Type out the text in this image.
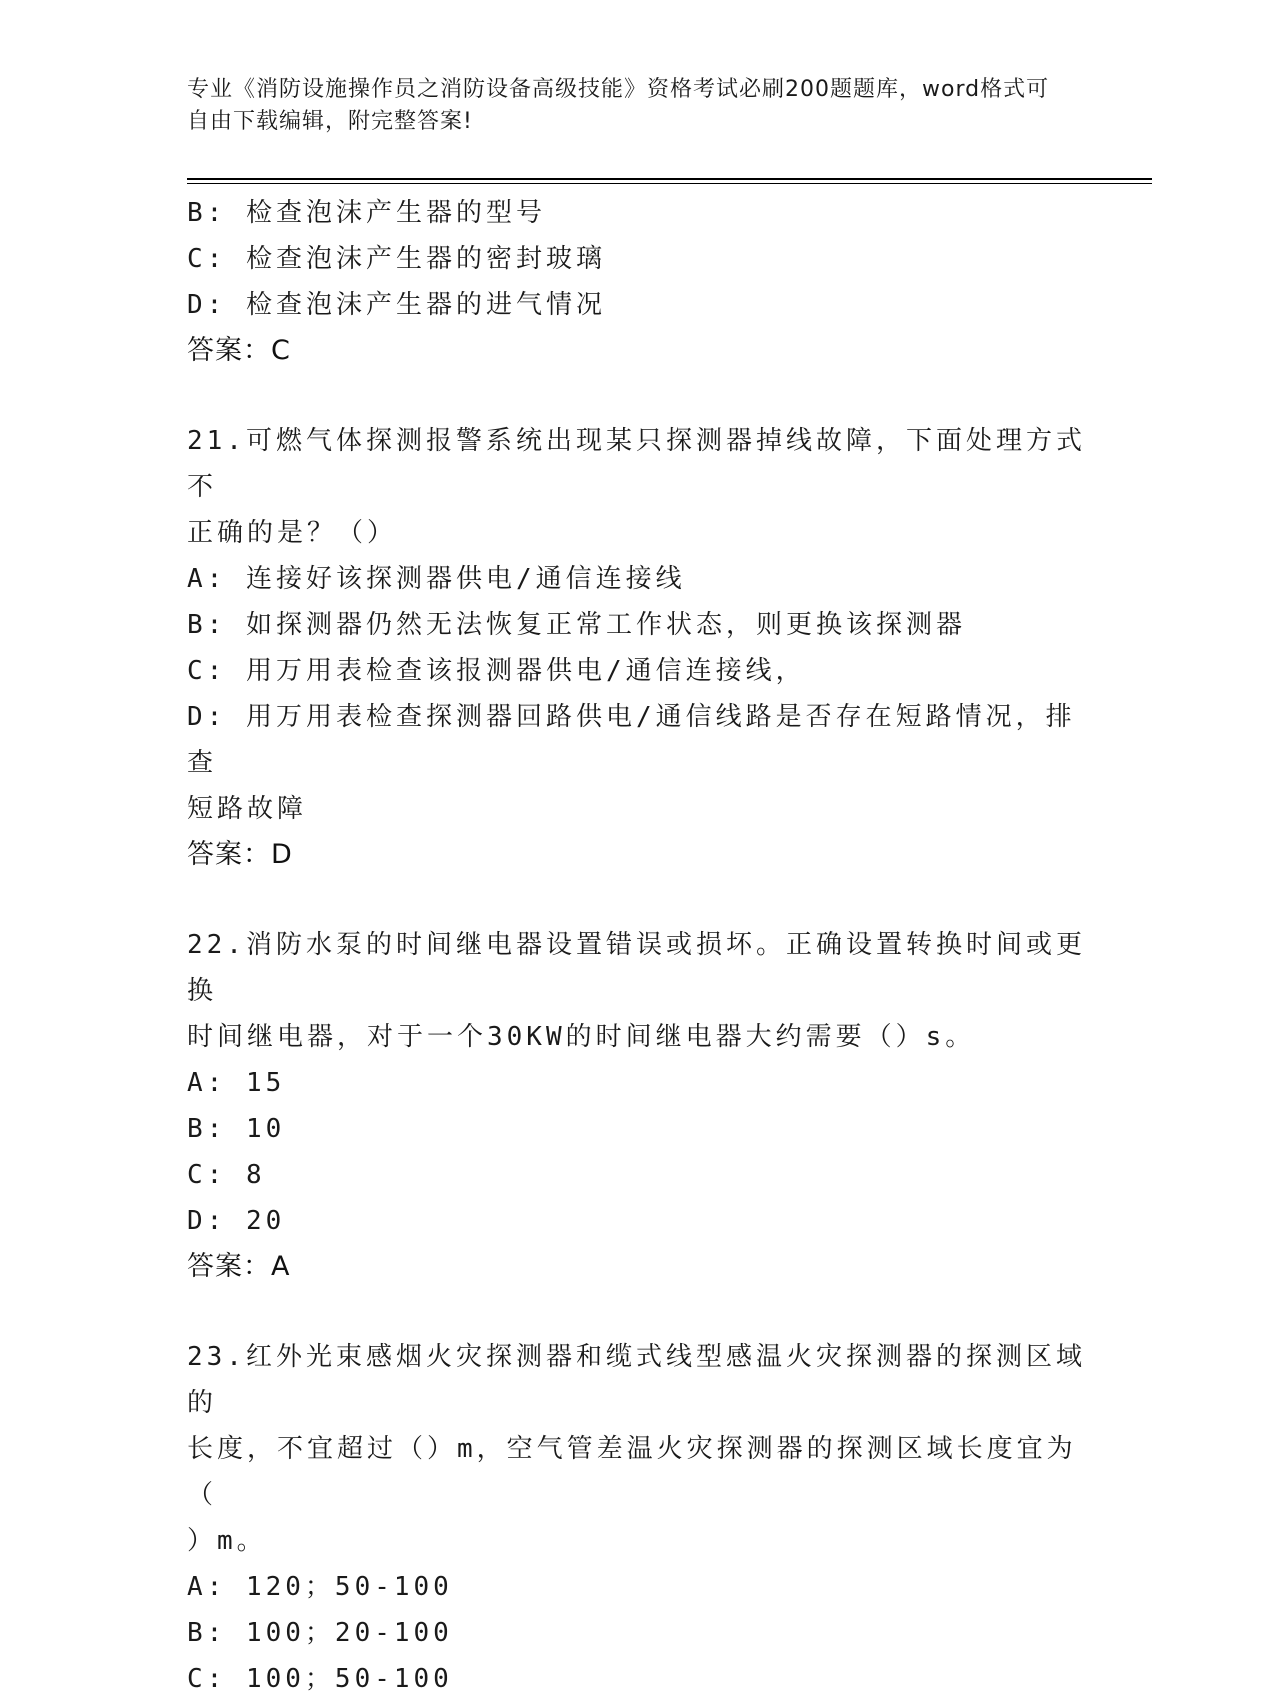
专业《消防设施操作员之消防设备高级技能》资格考试必刷200题题库，word格式可自由下载编辑，附完整答案!
B: 检查泡沫产生器的型号
C: 检查泡沫产生器的密封玻璃
D: 检查泡沫产生器的进气情况
答案：C
21.可燃气体探测报警系统出现某只探测器掉线故障，下面处理方式不
正确的是？（）
A: 连接好该探测器供电/通信连接线
B: 如探测器仍然无法恢复正常工作状态，则更换该探测器
C: 用万用表检查该报测器供电/通信连接线，
D: 用万用表检查探测器回路供电/通信线路是否存在短路情况，排查
短路故障
答案：D
22.消防水泵的时间继电器设置错误或损坏。正确设置转换时间或更换
时间继电器，对于一个30KW的时间继电器大约需要（）s。
A: 15
B: 10
C: 8
D: 20
答案：A
23.红外光束感烟火灾探测器和缆式线型感温火灾探测器的探测区域的
长度，不宜超过（）m，空气管差温火灾探测器的探测区域长度宜为（
）m。
A: 120；50-100
B: 100；20-100
C: 100；50-100
